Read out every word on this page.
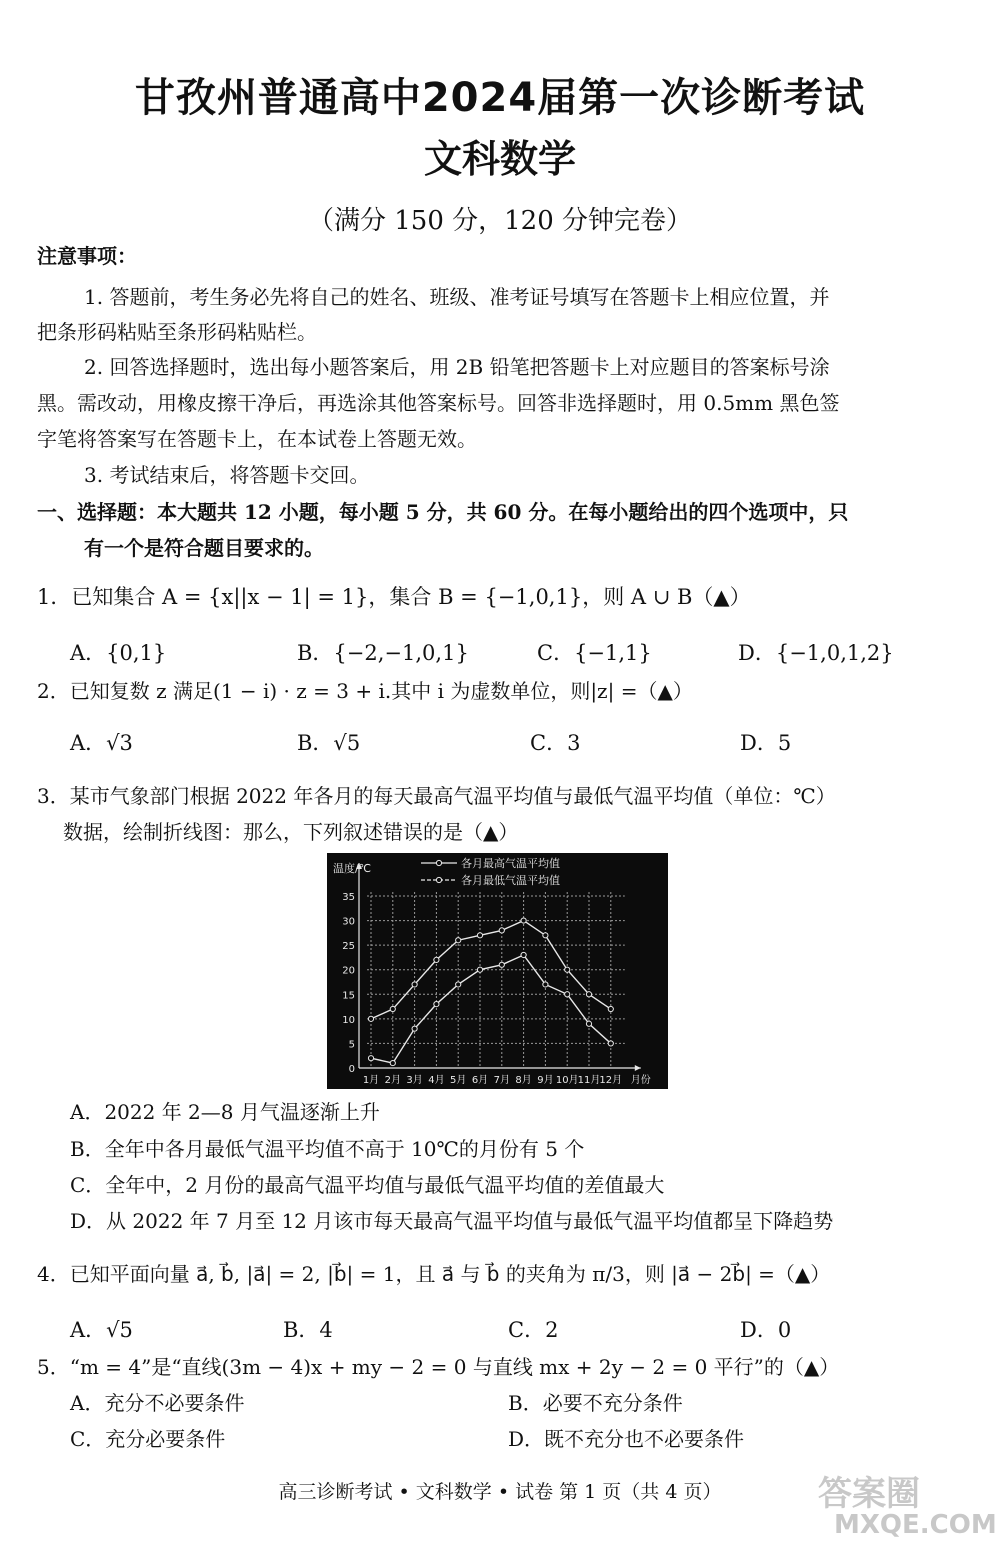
甘孜州普通高中2024届第一次诊断考试
文科数学
（满分 150 分，120 分钟完卷）
注意事项：
1. 答题前，考生务必先将自己的姓名、班级、准考证号填写在答题卡上相应位置，并
把条形码粘贴至条形码粘贴栏。
2. 回答选择题时，选出每小题答案后，用 2B 铅笔把答题卡上对应题目的答案标号涂
黑。需改动，用橡皮擦干净后，再选涂其他答案标号。回答非选择题时，用 0.5mm 黑色签
字笔将答案写在答题卡上，在本试卷上答题无效。
3. 考试结束后，将答题卡交回。
一、选择题：本大题共 12 小题，每小题 5 分，共 60 分。在每小题给出的四个选项中，只
有一个是符合题目要求的。
1．已知集合 A = {x||x − 1| = 1}，集合 B = {−1,0,1}，则 A ∪ B（▲）
A．{0,1}	B．{−2,−1,0,1}	C．{−1,1}	D．{−1,0,1,2}
2．已知复数 z 满足(1 − i) · z = 3 + i.其中 i 为虚数单位，则|z| =（▲）
A．√3	B．√5	C．3	D．5
3．某市气象部门根据 2022 年各月的每天最高气温平均值与最低气温平均值（单位：℃）
数据，绘制折线图：那么，下列叙述错误的是（▲）
0
5
10
15
20
25
30
35
1月 2月 3月 4月 5月 6月 7月 8月 9月 10月 11月 12月 月份
温度/℃	各月最高气温平均值
各月最低气温平均值
A．2022 年 2—8 月气温逐渐上升
B．全年中各月最低气温平均值不高于 10℃的月份有 5 个
C．全年中，2 月份的最高气温平均值与最低气温平均值的差值最大
D．从 2022 年 7 月至 12 月该市每天最高气温平均值与最低气温平均值都呈下降趋势
4．已知平面向量 a⃗, b⃗, |a⃗| = 2, |b⃗| = 1，且 a⃗ 与 b⃗ 的夹角为 π/3，则 |a⃗ − 2b⃗| =（▲）
A．√5	B．4	C．2	D．0
5．“m = 4”是“直线(3m − 4)x + my − 2 = 0 与直线 mx + 2y − 2 = 0 平行”的（▲）
A．充分不必要条件	B．必要不充分条件
C．充分必要条件	D．既不充分也不必要条件
高三诊断考试 • 文科数学 • 试卷 第 1 页（共 4 页）	答案圈
MXQE.COM
